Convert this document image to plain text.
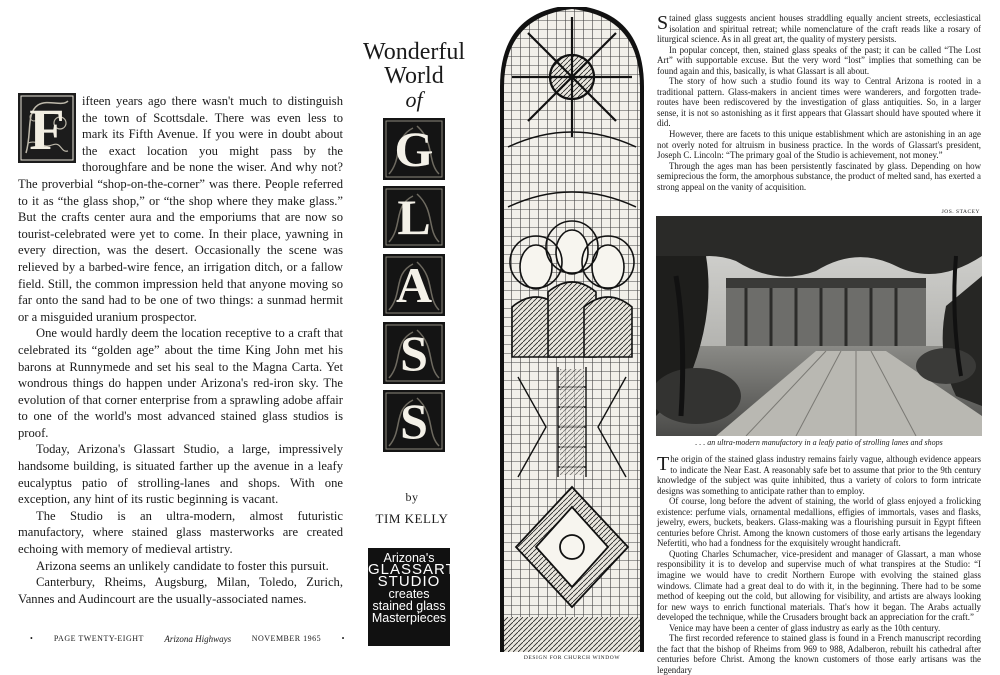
F ifteen years ago there wasn't much to distinguish the town of Scottsdale. There was even less to mark its Fifth Avenue. If you were in doubt about the exact location you might pass by the thoroughfare and be none the wiser. And why not? The proverbial “shop-on-the-corner” was there. People referred to it as “the glass shop,” or “the shop where they make glass.” But the crafts center aura and the emporiums that are now so tourist-celebrated were yet to come. In their place, yawning in every direction, was the desert. Occasionally the scene was relieved by a barbed-wire fence, an irrigation ditch, or a fallow field. Still, the common impression held that anyone moving so far onto the sand had to be one of two things: a sunmad hermit or a misguided uranium prospector.

One would hardly deem the location receptive to a craft that celebrated its “golden age” about the time King John met his barons at Runnymede and set his seal to the Magna Carta. Yet wondrous things do happen under Arizona's red-iron sky. The evolution of that corner enterprise from a sprawling adobe affair to one of the world's most advanced stained glass studios is proof.

Today, Arizona's Glassart Studio, a large, impressively handsome building, is situated farther up the avenue in a leafy eucalyptus patio of strolling-lanes and shops. With one exception, any hint of its rustic beginning is vacant.

The Studio is an ultra-modern, almost futuristic manufactory, where stained glass masterworks are created echoing with memory of medieval artistry.

Arizona seems an unlikely candidate to foster this pursuit.

Canterbury, Rheims, Augsburg, Milan, Toledo, Zurich, Vannes and Audincourt are the usually-associated names.

•	PAGE TWENTY-EIGHT Arizona Highways	NOVEMBER 1965	•
Wonderful
World
of
G
L
A
S
S
by
TIM KELLY
Arizona's
GLASSART
STUDIO
creates
stained glass
Masterpieces
DESIGN FOR CHURCH WINDOW

Stained glass suggests ancient houses straddling equally ancient streets, ecclesiastical isolation and spiritual retreat; while nomenclature of the craft reads like a rosary of liturgical science. As in all great art, the quality of mystery persists.

In popular concept, then, stained glass speaks of the past; it can be called “The Lost Art” with supportable excuse. But the very word “lost” implies that something can be found again and this, basically, is what Glassart is all about.

The story of how such a studio found its way to Central Arizona is rooted in a traditional pattern. Glass-makers in ancient times were wanderers, and forgotten trade-routes have been rediscovered by the investigation of glass antiquities. So, in a larger sense, it is not so astonishing as it first appears that Glassart should have spouted where it did.

However, there are facets to this unique establishment which are astonishing in an age not overly noted for altruism in business practice. In the words of Glassart's president, Joseph C. Lincoln: “The primary goal of the Studio is achievement, not money.”

Through the ages man has been persistently fascinated by glass. Depending on how semiprecious the form, the amorphous substance, the product of melted sand, has exerted a strong appeal on the vanity of acquisition.

JOS. STACEY
. . . an ultra-modern manufactory in a leafy patio of strolling lanes and shops

The origin of the stained glass industry remains fairly vague, although evidence appears to indicate the Near East. A reasonably safe bet to assume that prior to the 9th century knowledge of the subject was quite inhibited, thus a variety of colors to form intricate designs was something to anticipate rather than to employ.

Of course, long before the advent of staining, the world of glass enjoyed a frolicking existence: perfume vials, ornamental medallions, effigies of immortals, vases and flasks, jewelry, ewers, buckets, beakers. Glass-making was a flourishing pursuit in Egypt fifteen centuries before Christ. Among the known customers of those early artisans the legendary Nefertiti, who had a fondness for the exquisitely wrought handicraft.

Quoting Charles Schumacher, vice-president and manager of Glassart, a man whose responsibility it is to develop and supervise much of what transpires at the Studio: “I imagine we would have to credit Northern Europe with evolving the stained glass windows. Climate had a great deal to do with it, in the beginning. There had to be some method of keeping out the cold, but allowing for visibility, and artists are always looking for new ways to enrich functional materials. That's how it began. The Arabs actually developed the technique, while the Crusaders brought back an appreciation for the craft.”

Venice may have been a center of glass industry as early as the 10th century.

The first recorded reference to stained glass is found in a French manuscript recording the fact that the bishop of Rheims from 969 to 988, Adalberon, rebuilt his cathedral after centuries before Christ. Among the known customers of those early artisans was the legendary
